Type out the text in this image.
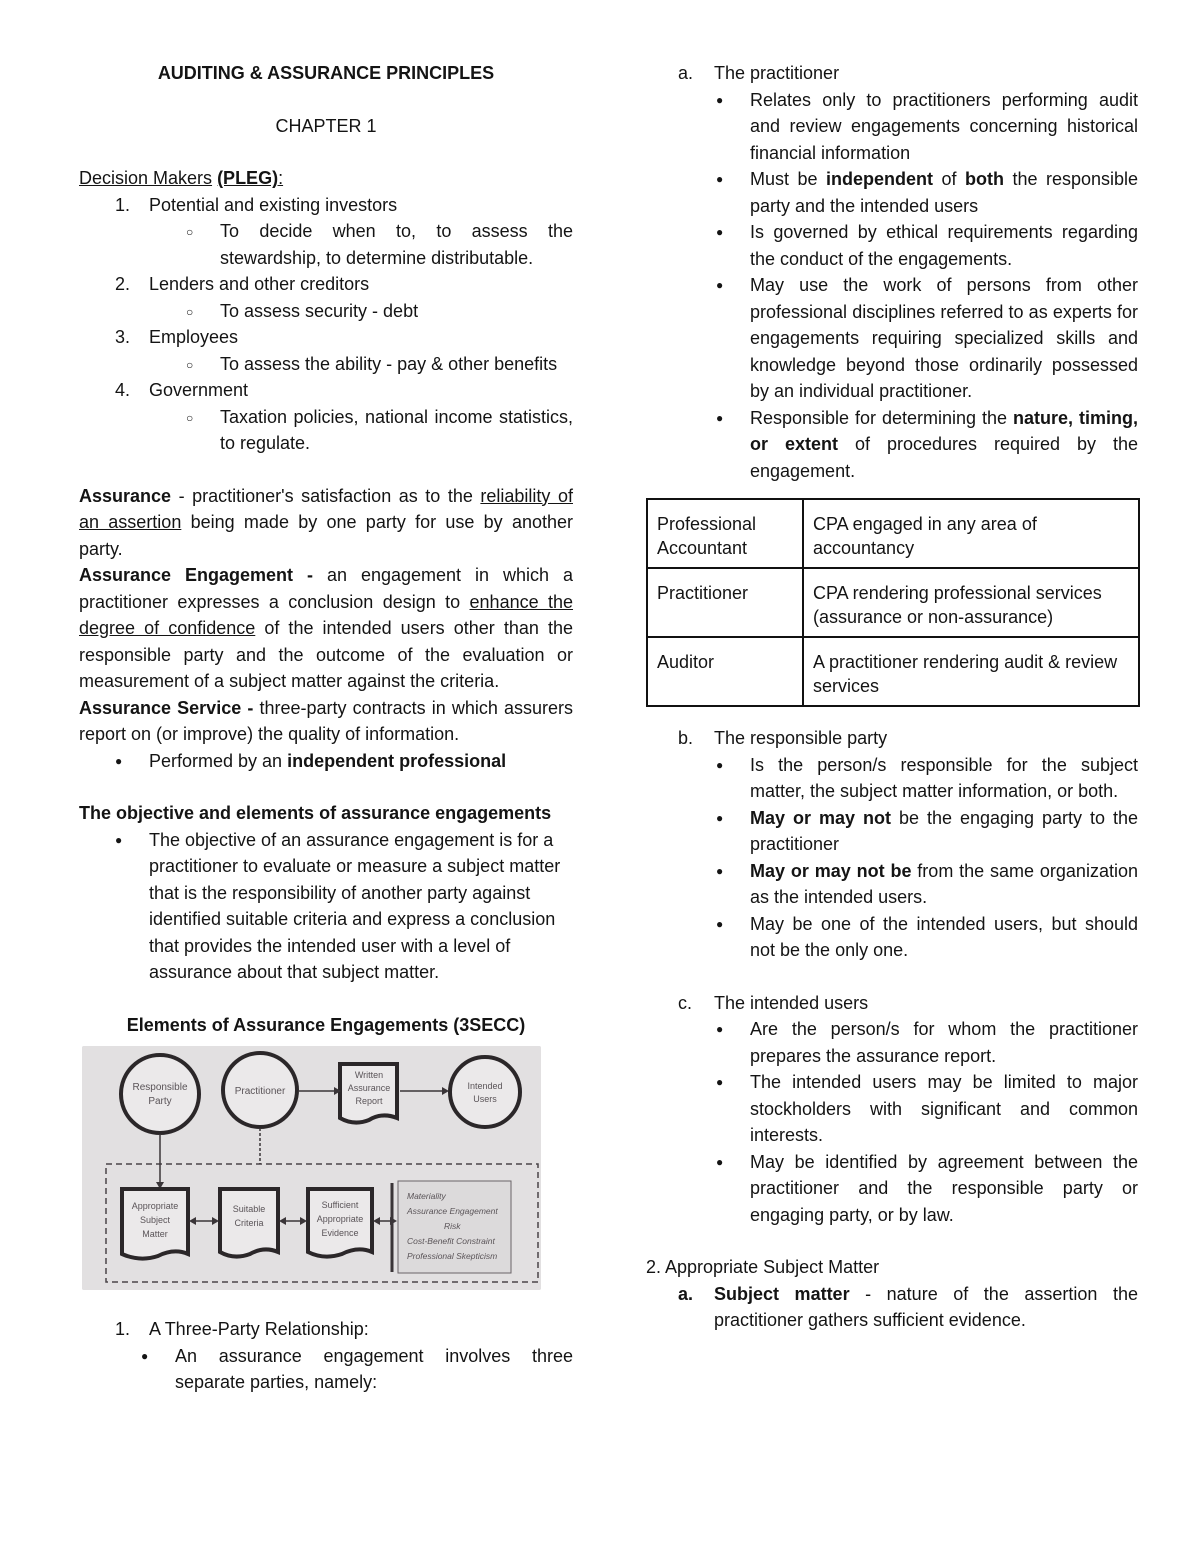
AUDITING & ASSURANCE PRINCIPLES
CHAPTER 1
Decision Makers (PLEG):
1. Potential and existing investors
○ To decide when to, to assess the stewardship, to determine distributable.
2. Lenders and other creditors
○ To assess security - debt
3. Employees
○ To assess the ability - pay & other benefits
4. Government
○ Taxation policies, national income statistics, to regulate.
Assurance - practitioner's satisfaction as to the reliability of an assertion being made by one party for use by another party.
Assurance Engagement - an engagement in which a practitioner expresses a conclusion design to enhance the degree of confidence of the intended users other than the responsible party and the outcome of the evaluation or measurement of a subject matter against the criteria.
Assurance Service - three-party contracts in which assurers report on (or improve) the quality of information.
● Performed by an independent professional
The objective and elements of assurance engagements
● The objective of an assurance engagement is for a practitioner to evaluate or measure a subject matter that is the responsibility of another party against identified suitable criteria and express a conclusion that provides the intended user with a level of assurance about that subject matter.
Elements of Assurance Engagements (3SECC)
Responsible
Party
Practitioner
Written
Assurance
Report
Intended
Users
Appropriate
Subject
Matter
Suitable
Criteria
Sufficient
Appropriate
Evidence
Materiality
Assurance Engagement
Risk
Cost-Benefit Constraint
Professional Skepticism
1. A Three-Party Relationship:
● An assurance engagement involves three separate parties, namely:
a. The practitioner
● Relates only to practitioners performing audit and review engagements concerning historical financial information
● Must be independent of both the responsible party and the intended users
● Is governed by ethical requirements regarding the conduct of the engagements.
● May use the work of persons from other professional disciplines referred to as experts for engagements requiring specialized skills and knowledge beyond those ordinarily possessed by an individual practitioner.
● Responsible for determining the nature, timing, or extent of procedures required by the engagement.
Professional Accountant	CPA engaged in any area of accountancy
Practitioner	CPA rendering professional services (assurance or non-assurance)
Auditor	A practitioner rendering audit & review services
b. The responsible party
● Is the person/s responsible for the subject matter, the subject matter information, or both.
● May or may not be the engaging party to the practitioner
● May or may not be from the same organization as the intended users.
● May be one of the intended users, but should not be the only one.
c. The intended users
● Are the person/s for whom the practitioner prepares the assurance report.
● The intended users may be limited to major stockholders with significant and common interests.
● May be identified by agreement between the practitioner and the responsible party or engaging party, or by law.
2. Appropriate Subject Matter
a. Subject matter - nature of the assertion the practitioner gathers sufficient evidence.
